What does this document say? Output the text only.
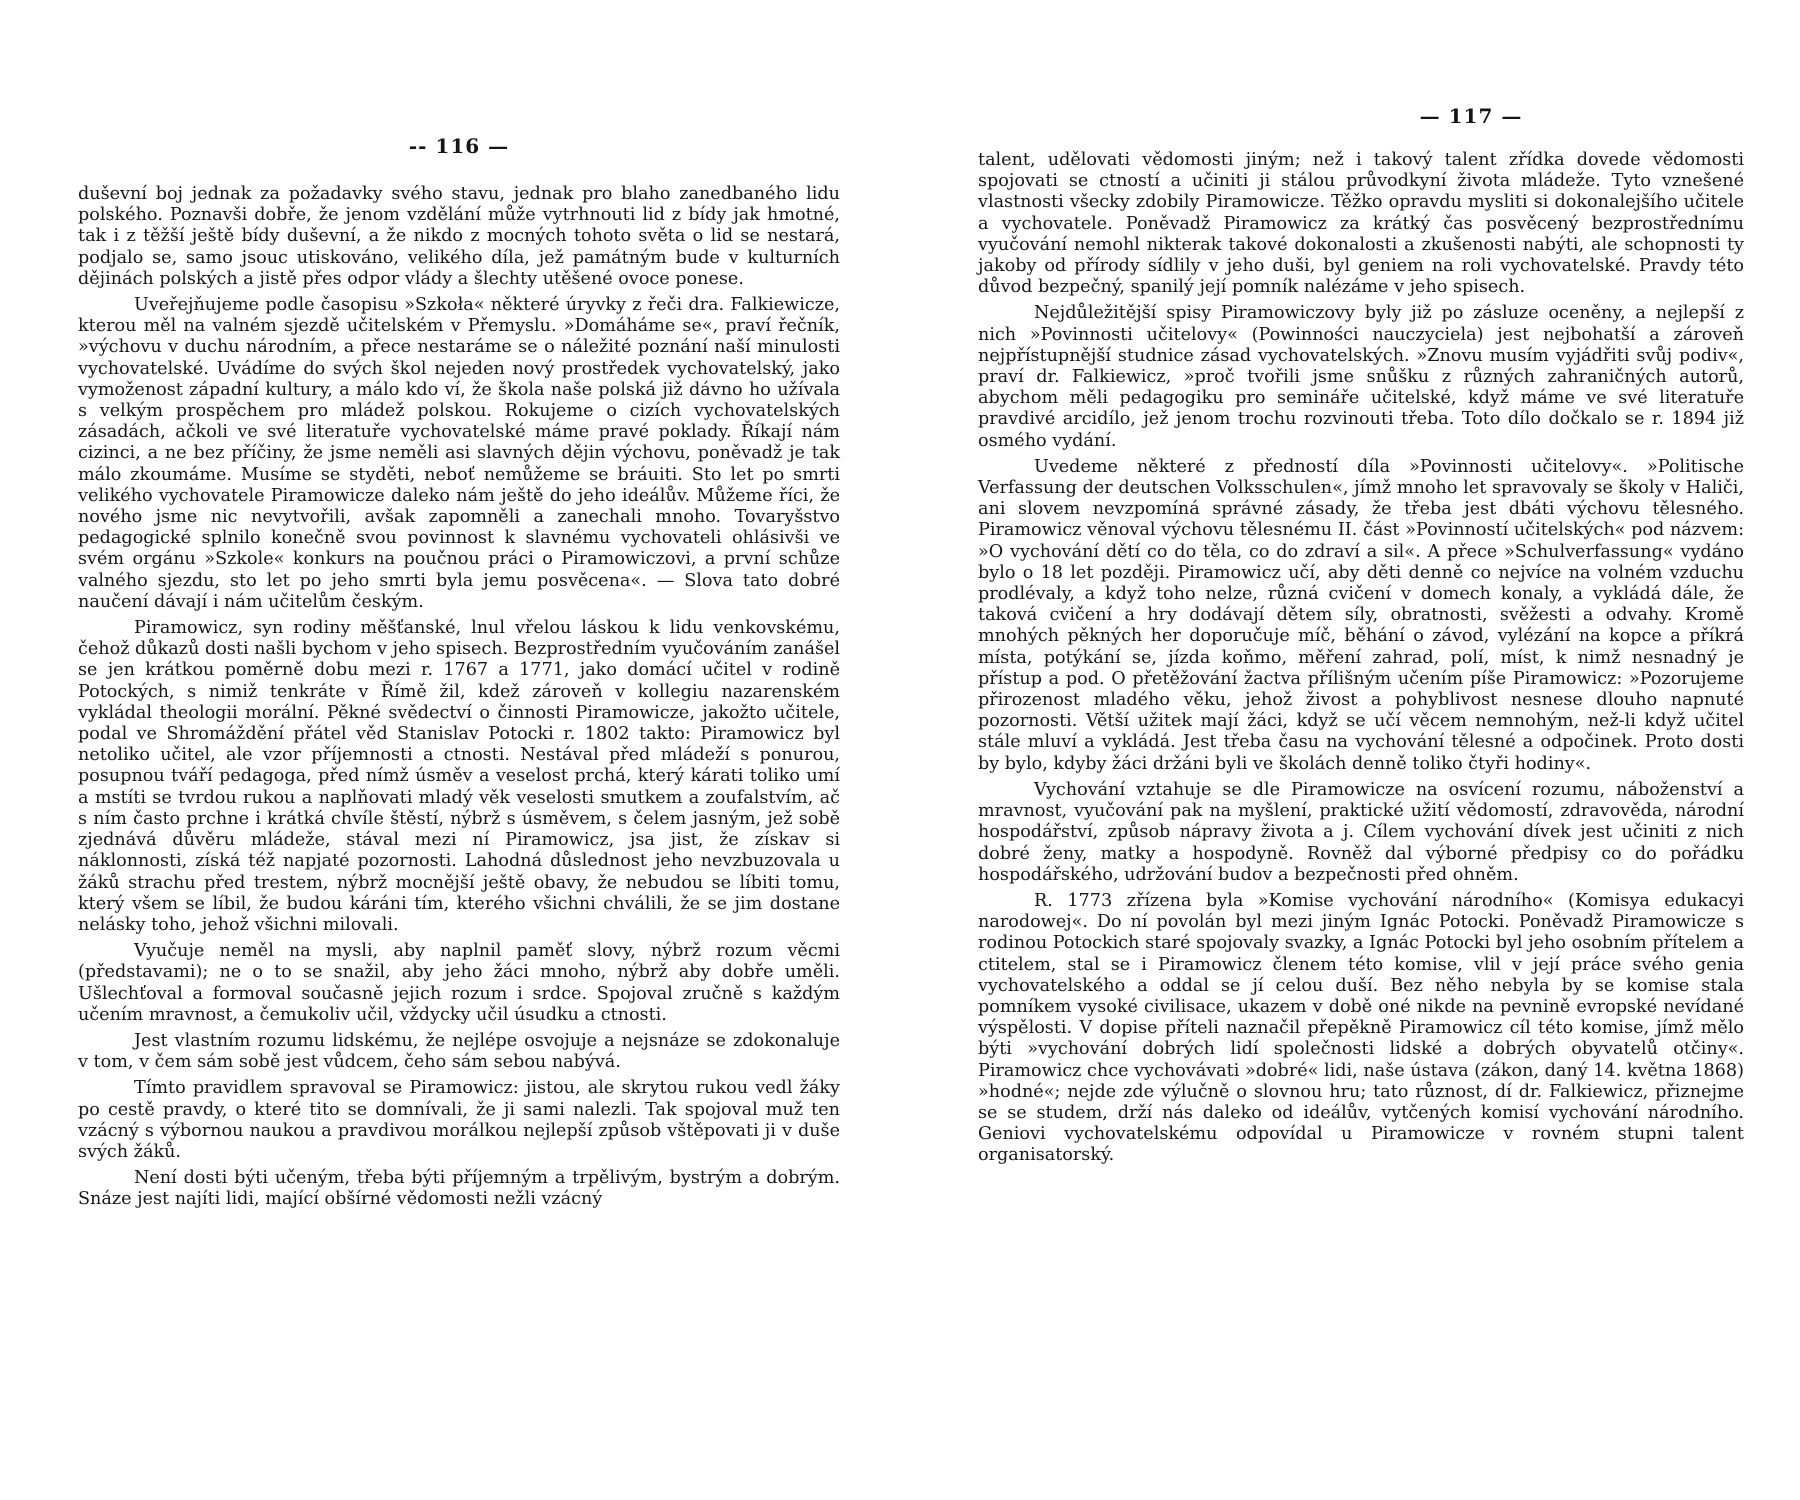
-- 116 —

duševní boj jednak za požadavky svého stavu, jednak pro blaho zanedbaného lidu polského. Poznavši dobře, že jenom vzdělání může vytrhnouti lid z bídy jak hmotné, tak i z těžší ještě bídy duševní, a že nikdo z mocných tohoto světa o lid se nestará, podjalo se, samo jsouc utiskováno, velikého díla, jež památným bude v kulturních dějinách polských a jistě přes odpor vlády a šlechty utěšené ovoce ponese.

Uveřejňujeme podle časopisu »Szkoła« některé úryvky z řeči dra. Falkiewicze, kterou měl na valném sjezdě učitelském v Přemyslu. »Domáháme se«, praví řečník, »výchovu v duchu národním, a přece nestaráme se o náležité poznání naší minulosti vychovatelské. Uvádíme do svých škol nejeden nový prostředek vychovatelský, jako vymoženost západní kultury, a málo kdo ví, že škola naše polská již dávno ho užívala s velkým prospěchem pro mládež polskou. Rokujeme o cizích vychovatelských zásadách, ačkoli ve své literatuře vychovatelské máme pravé poklady. Říkají nám cizinci, a ne bez příčiny, že jsme neměli asi slavných dějin výchovu, poněvadž je tak málo zkoumáme. Musíme se styděti, neboť nemůžeme se bráuiti. Sto let po smrti velikého vychovatele Piramowicze daleko nám ještě do jeho ideálův. Můžeme říci, že nového jsme nic nevytvořili, avšak zapomněli a zanechali mnoho. Tovaryšstvo pedagogické splnilo konečně svou povinnost k slavnému vychovateli ohlásivši ve svém orgánu »Szkole« konkurs na poučnou práci o Piramowiczovi, a první schůze valného sjezdu, sto let po jeho smrti byla jemu posvěcena«. — Slova tato dobré naučení dávají i nám učitelům českým.

Piramowicz, syn rodiny měšťanské, lnul vřelou láskou k lidu venkovskému, čehož důkazů dosti našli bychom v jeho spisech. Bezprostředním vyučováním zanášel se jen krátkou poměrně dobu mezi r. 1767 a 1771, jako domácí učitel v rodině Potockých, s nimiž tenkráte v Římě žil, kdež zároveň v kollegiu nazarenském vykládal theologii morální. Pěkné svědectví o činnosti Piramowicze, jakožto učitele, podal ve Shromáždění přátel věd Stanislav Potocki r. 1802 takto: Piramowicz byl netoliko učitel, ale vzor příjemnosti a ctnosti. Nestával před mládeží s ponurou, posupnou tváří pedagoga, před nímž úsměv a veselost prchá, který kárati toliko umí a mstíti se tvrdou rukou a naplňovati mladý věk veselosti smutkem a zoufalstvím, ač s ním často prchne i krátká chvíle štěstí, nýbrž s úsměvem, s čelem jasným, jež sobě zjednává důvěru mládeže, stával mezi ní Piramowicz, jsa jist, že získav si náklonnosti, získá též napjaté pozornosti. Lahodná důslednost jeho nevzbuzovala u žáků strachu před trestem, nýbrž mocnější ještě obavy, že nebudou se líbiti tomu, který všem se líbil, že budou káráni tím, kterého všichni chválili, že se jim dostane nelásky toho, jehož všichni milovali.

Vyučuje neměl na mysli, aby naplnil paměť slovy, nýbrž rozum věcmi (představami); ne o to se snažil, aby jeho žáci mnoho, nýbrž aby dobře uměli. Ušlechťoval a formoval současně jejich rozum i srdce. Spojoval zručně s každým učením mravnost, a čemukoliv učil, vždycky učil úsudku a ctnosti.

Jest vlastním rozumu lidskému, že nejlépe osvojuje a nejsnáze se zdokonaluje v tom, v čem sám sobě jest vůdcem, čeho sám sebou nabývá.

Tímto pravidlem spravoval se Piramowicz: jistou, ale skrytou rukou vedl žáky po cestě pravdy, o které tito se domnívali, že ji sami nalezli. Tak spojoval muž ten vzácný s výbornou naukou a pravdivou morálkou nejlepší způsob vštěpovati ji v duše svých žáků.

Není dosti býti učeným, třeba býti příjemným a trpělivým, bystrým a dobrým. Snáze jest najíti lidi, mající obšírné vědomosti nežli vzácný

— 117 —

talent, udělovati vědomosti jiným; než i takový talent zřídka dovede vědomosti spojovati se ctností a učiniti ji stálou průvodkyní života mládeže. Tyto vznešené vlastnosti všecky zdobily Piramowicze. Těžko opravdu mysliti si dokonalejšího učitele a vychovatele. Poněvadž Piramowicz za krátký čas posvěcený bezprostřednímu vyučování nemohl nikterak takové dokonalosti a zkušenosti nabýti, ale schopnosti ty jakoby od přírody sídlily v jeho duši, byl geniem na roli vychovatelské. Pravdy této důvod bezpečný, spanilý její pomník nalézáme v jeho spisech.

Nejdůležitější spisy Piramowiczovy byly již po zásluze oceněny, a nejlepší z nich »Povinnosti učitelovy« (Powinności nauczyciela) jest nejbohatší a zároveň nejpřístupnější studnice zásad vychovatelských. »Znovu musím vyjádřiti svůj podiv«, praví dr. Falkiewicz, »proč tvořili jsme snůšku z různých zahraničných autorů, abychom měli pedagogiku pro semináře učitelské, když máme ve své literatuře pravdivé arcidílo, jež jenom trochu rozvinouti třeba. Toto dílo dočkalo se r. 1894 již osmého vydání.

Uvedeme některé z předností díla »Povinnosti učitelovy«. »Politische Verfassung der deutschen Volksschulen«, jímž mnoho let spravovaly se školy v Haliči, ani slovem nevzpomíná správné zásady, že třeba jest dbáti výchovu tělesného. Piramowicz věnoval výchovu tělesnému II. část »Povinností učitelských« pod názvem: »O vychování dětí co do těla, co do zdraví a sil«. A přece »Schulverfassung« vydáno bylo o 18 let později. Piramowicz učí, aby děti denně co nejvíce na volném vzduchu prodlévaly, a když toho nelze, různá cvičení v domech konaly, a vykládá dále, že taková cvičení a hry dodávají dětem síly, obratnosti, svěžesti a odvahy. Kromě mnohých pěkných her doporučuje míč, běhání o závod, vylézání na kopce a příkrá místa, potýkání se, jízda koňmo, měření zahrad, polí, míst, k nimž nesnadný je přístup a pod. O přetěžování žactva přílišným učením píše Piramowicz: »Pozorujeme přirozenost mladého věku, jehož živost a pohyblivost nesnese dlouho napnuté pozornosti. Větší užitek mají žáci, když se učí věcem nemnohým, než-li když učitel stále mluví a vykládá. Jest třeba času na vychování tělesné a odpočinek. Proto dosti by bylo, kdyby žáci držáni byli ve školách denně toliko čtyři hodiny«.

Vychování vztahuje se dle Piramowicze na osvícení rozumu, náboženství a mravnost, vyučování pak na myšlení, praktické užití vědomostí, zdravověda, národní hospodářství, způsob nápravy života a j. Cílem vychování dívek jest učiniti z nich dobré ženy, matky a hospodyně. Rovněž dal výborné předpisy co do pořádku hospodářského, udržování budov a bezpečnosti před ohněm.

R. 1773 zřízena byla »Komise vychování národního« (Komisya edukacyi narodowej«. Do ní povolán byl mezi jiným Ignác Potocki. Poněvadž Piramowicze s rodinou Potockich staré spojovaly svazky, a Ignác Potocki byl jeho osobním přítelem a ctitelem, stal se i Piramowicz členem této komise, vlil v její práce svého genia vychovatelského a oddal se jí celou duší. Bez něho nebyla by se komise stala pomníkem vysoké civilisace, ukazem v době oné nikde na pevnině evropské nevídané výspělosti. V dopise příteli naznačil přepěkně Piramowicz cíl této komise, jímž mělo býti »vychování dobrých lidí společnosti lidské a dobrých obyvatelů otčiny«. Piramowicz chce vychovávati »dobré« lidi, naše ústava (zákon, daný 14. května 1868) »hodné«; nejde zde výlučně o slovnou hru; tato různost, dí dr. Falkiewicz, přiznejme se se studem, drží nás daleko od ideálův, vytčených komisí vychování národního. Geniovi vychovatelskému odpovídal u Piramowicze v rovném stupni talent organisatorský.
